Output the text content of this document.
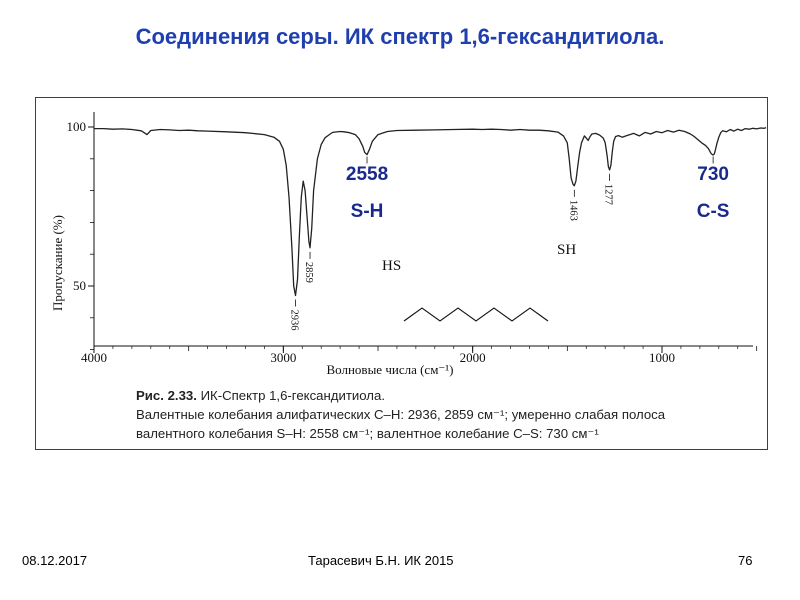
Соединения серы. ИК спектр 1,6-гександитиола.
4000	3000	2000	1000
100
50
2936
2859
1463
1277
2558
S-H
730
C-S
HS
SH
Пропускание (%)
Волновые числа (см⁻¹)
Рис. 2.33. ИК-Спектр 1,6-гександитиола.
Валентные колебания алифатических C–H: 2936, 2859 см⁻¹; умеренно слабая полоса
валентного колебания S–H: 2558 см⁻¹; валентное колебание C–S: 730 см⁻¹
08.12.2017	Тарасевич Б.Н. ИК 2015	76
